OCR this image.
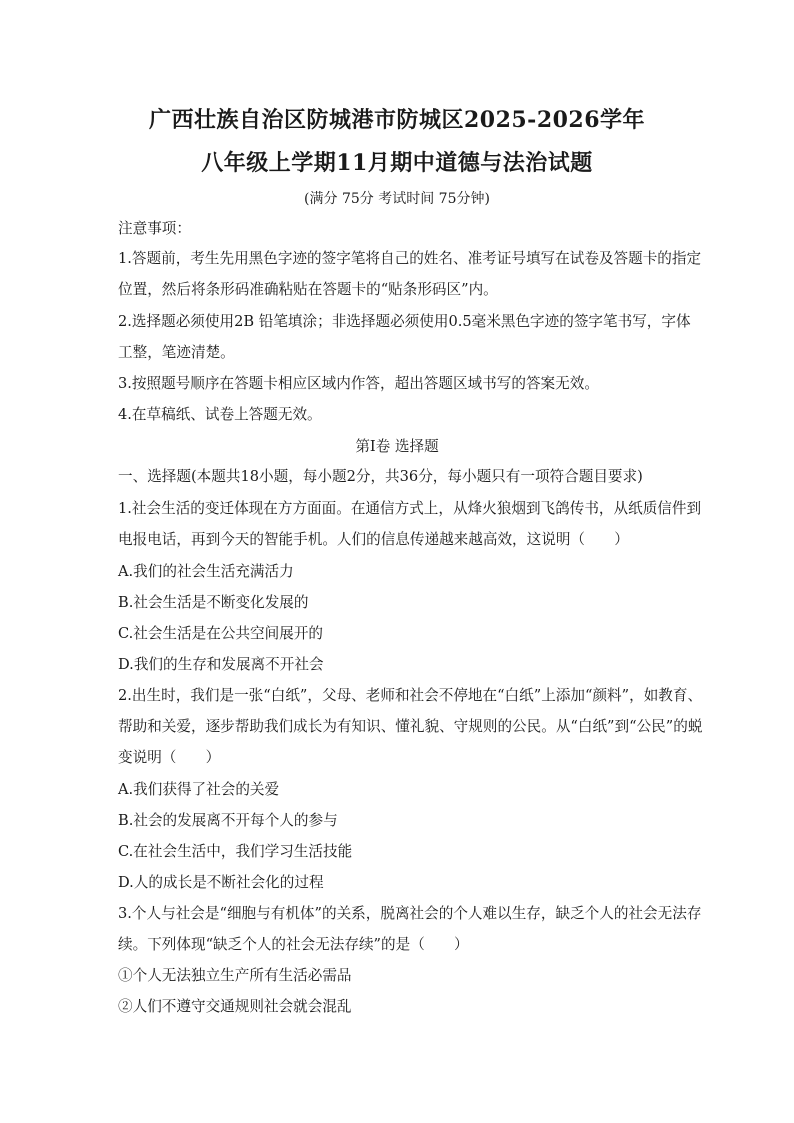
广西壮族自治区防城港市防城区2025-2026学年
八年级上学期11月期中道德与法治试题
(满分 75分 考试时间 75分钟)
注意事项：
1.答题前，考生先用黑色字迹的签字笔将自己的姓名、准考证号填写在试卷及答题卡的指定
位置，然后将条形码准确粘贴在答题卡的“贴条形码区”内。
2.选择题必须使用2B 铅笔填涂；非选择题必须使用0.5毫米黑色字迹的签字笔书写，字体
工整，笔迹清楚。
3.按照题号顺序在答题卡相应区域内作答，超出答题区域书写的答案无效。
4.在草稿纸、试卷上答题无效。
第Ⅰ卷 选择题
一、选择题(本题共18小题，每小题2分，共36分，每小题只有一项符合题目要求)
1.社会生活的变迁体现在方方面面。在通信方式上，从烽火狼烟到飞鸽传书，从纸质信件到
电报电话，再到今天的智能手机。人们的信息传递越来越高效，这说明（　　）
A.我们的社会生活充满活力
B.社会生活是不断变化发展的
C.社会生活是在公共空间展开的
D.我们的生存和发展离不开社会
2.出生时，我们是一张“白纸”，父母、老师和社会不停地在“白纸”上添加“颜料”，如教育、
帮助和关爱，逐步帮助我们成长为有知识、懂礼貌、守规则的公民。从“白纸”到“公民”的蜕
变说明（　　）
A.我们获得了社会的关爱
B.社会的发展离不开每个人的参与
C.在社会生活中，我们学习生活技能
D.人的成长是不断社会化的过程
3.个人与社会是“细胞与有机体”的关系，脱离社会的个人难以生存，缺乏个人的社会无法存
续。下列体现“缺乏个人的社会无法存续”的是（　　）
①个人无法独立生产所有生活必需品
②人们不遵守交通规则社会就会混乱
